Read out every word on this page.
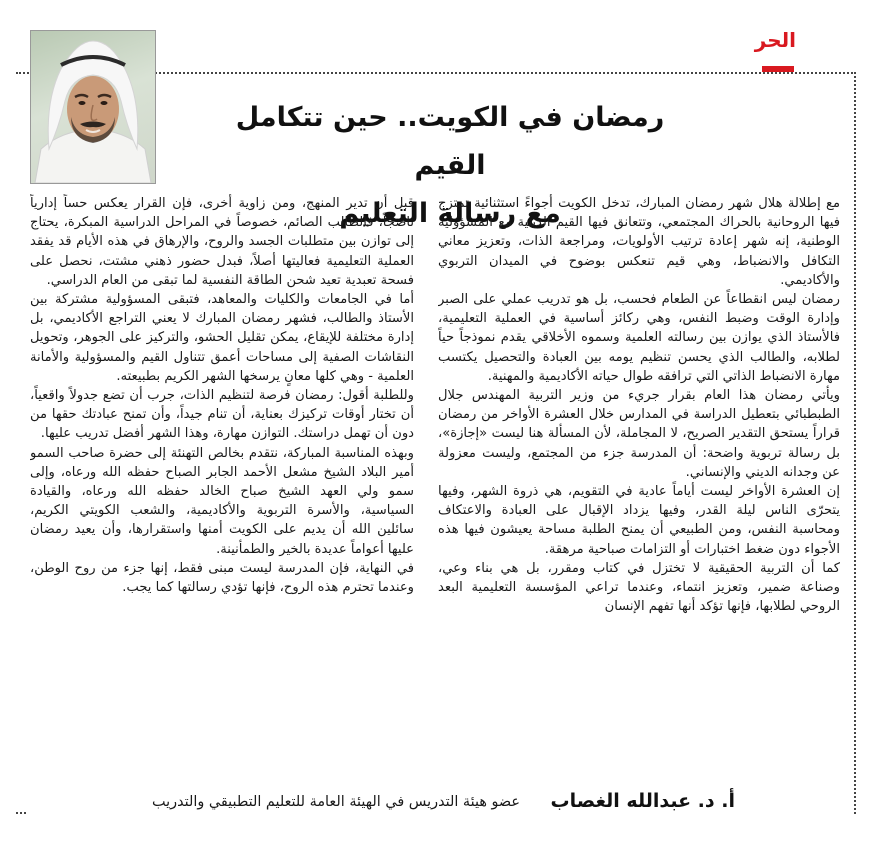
الحر
رمضان في الكويت.. حين تتكامل القيم
مع رسالة التعليم

مع إطلالة هلال شهر رمضان المبارك، تدخل الكويت أجواءً استثنائية تمتزج فيها الروحانية بالحراك المجتمعي، وتتعانق فيها القيم الدينية مع المسؤولية الوطنية، إنه شهر إعادة ترتيب الأولويات، ومراجعة الذات، وتعزيز معاني التكافل والانضباط، وهي قيم تنعكس بوضوح في الميدان التربوي والأكاديمي.

رمضان ليس انقطاعاً عن الطعام فحسب، بل هو تدريب عملي على الصبر وإدارة الوقت وضبط النفس، وهي ركائز أساسية في العملية التعليمية، فالأستاذ الذي يوازن بين رسالته العلمية وسموه الأخلاقي يقدم نموذجاً حياً لطلابه، والطالب الذي يحسن تنظيم يومه بين العبادة والتحصيل يكتسب مهارة الانضباط الذاتي التي ترافقه طوال حياته الأكاديمية والمهنية.

ويأتي رمضان هذا العام بقرار جريء من وزير التربية المهندس جلال الطبطبائي بتعطيل الدراسة في المدارس خلال العشرة الأواخر من رمضان قراراً يستحق التقدير الصريح، لا المجاملة، لأن المسألة هنا ليست «إجازة»، بل رسالة تربوية واضحة: أن المدرسة جزء من المجتمع، وليست معزولة عن وجدانه الديني والإنساني.

إن العشرة الأواخر ليست أياماً عادية في التقويم، هي ذروة الشهر، وفيها يتحرّى الناس ليلة القدر، وفيها يزداد الإقبال على العبادة والاعتكاف ومحاسبة النفس، ومن الطبيعي أن يمنح الطلبة مساحة يعيشون فيها هذه الأجواء دون ضغط اختبارات أو التزامات صباحية مرهقة.

كما أن التربية الحقيقية لا تختزل في كتاب ومقرر، بل هي بناء وعي، وصناعة ضمير، وتعزيز انتماء، وعندما تراعي المؤسسة التعليمية البعد الروحي لطلابها، فإنها تؤكد أنها تفهم الإنسان

قبل أن تدير المنهج، ومن زاوية أخرى، فإن القرار يعكس حساً إدارياً ناضجاً، فالطالب الصائم، خصوصاً في المراحل الدراسية المبكرة، يحتاج إلى توازن بين متطلبات الجسد والروح، والإرهاق في هذه الأيام قد يفقد العملية التعليمية فعاليتها أصلاً، فبدل حضور ذهني مشتت، نحصل على فسحة تعبدية تعيد شحن الطاقة النفسية لما تبقى من العام الدراسي.

أما في الجامعات والكليات والمعاهد، فتبقى المسؤولية مشتركة بين الأستاذ والطالب، فشهر رمضان المبارك لا يعني التراجع الأكاديمي، بل إدارة مختلفة للإيقاع، يمكن تقليل الحشو، والتركيز على الجوهر، وتحويل النقاشات الصفية إلى مساحات أعمق تتناول القيم والمسؤولية والأمانة العلمية - وهي كلها معانٍ يرسخها الشهر الكريم بطبيعته.

وللطلبة أقول: رمضان فرصة لتنظيم الذات، جرب أن تضع جدولاً واقعياً، أن تختار أوقات تركيزك بعناية، أن تنام جيداً، وأن تمنح عبادتك حقها من دون أن تهمل دراستك. التوازن مهارة، وهذا الشهر أفضل تدريب عليها.

وبهذه المناسبة المباركة، نتقدم بخالص التهنئة إلى حضرة صاحب السمو أمير البلاد الشيخ مشعل الأحمد الجابر الصباح حفظه الله ورعاه، وإلى سمو ولي العهد الشيخ صباح الخالد حفظه الله ورعاه، والقيادة السياسية، والأسرة التربوية والأكاديمية، والشعب الكويتي الكريم، سائلين الله أن يديم على الكويت أمنها واستقرارها، وأن يعيد رمضان عليها أعواماً عديدة بالخير والطمأنينة.

في النهاية، فإن المدرسة ليست مبنى فقط، إنها جزء من روح الوطن، وعندما تحترم هذه الروح، فإنها تؤدي رسالتها كما يجب.

أ. د. عبدالله الغصاب
عضو هيئة التدريس في الهيئة العامة للتعليم التطبيقي والتدريب
